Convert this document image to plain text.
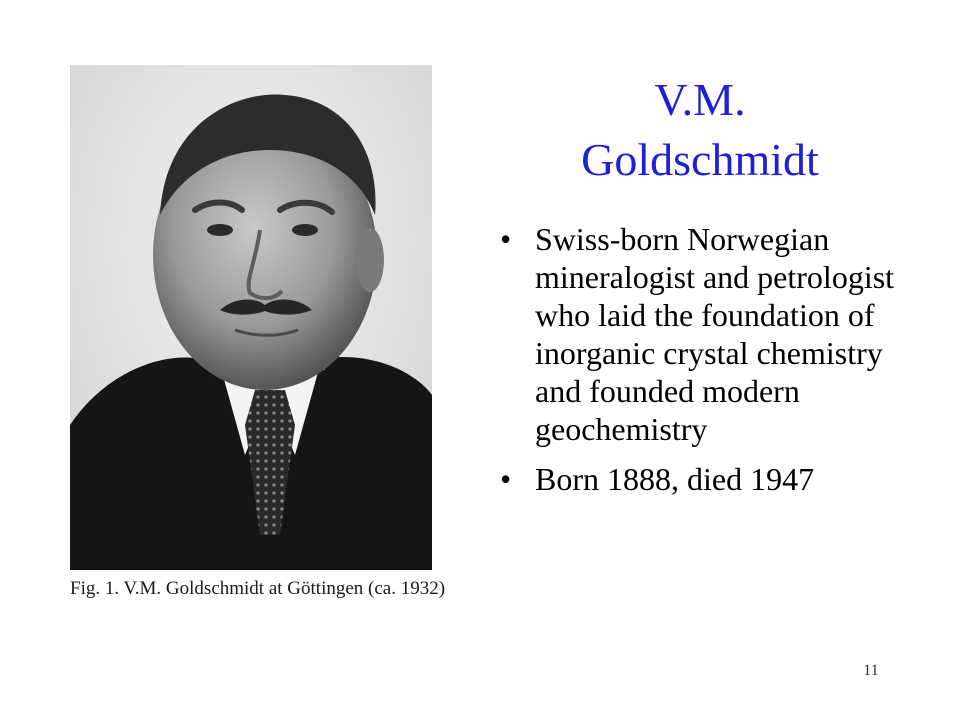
Fig. 1. V.M. Goldschmidt at Göttingen (ca. 1932)
V.M.
Goldschmidt
• Swiss-born Norwegian mineralogist and petrologist who laid the foundation of inorganic crystal chemistry and founded modern geochemistry
• Born 1888, died 1947
11
